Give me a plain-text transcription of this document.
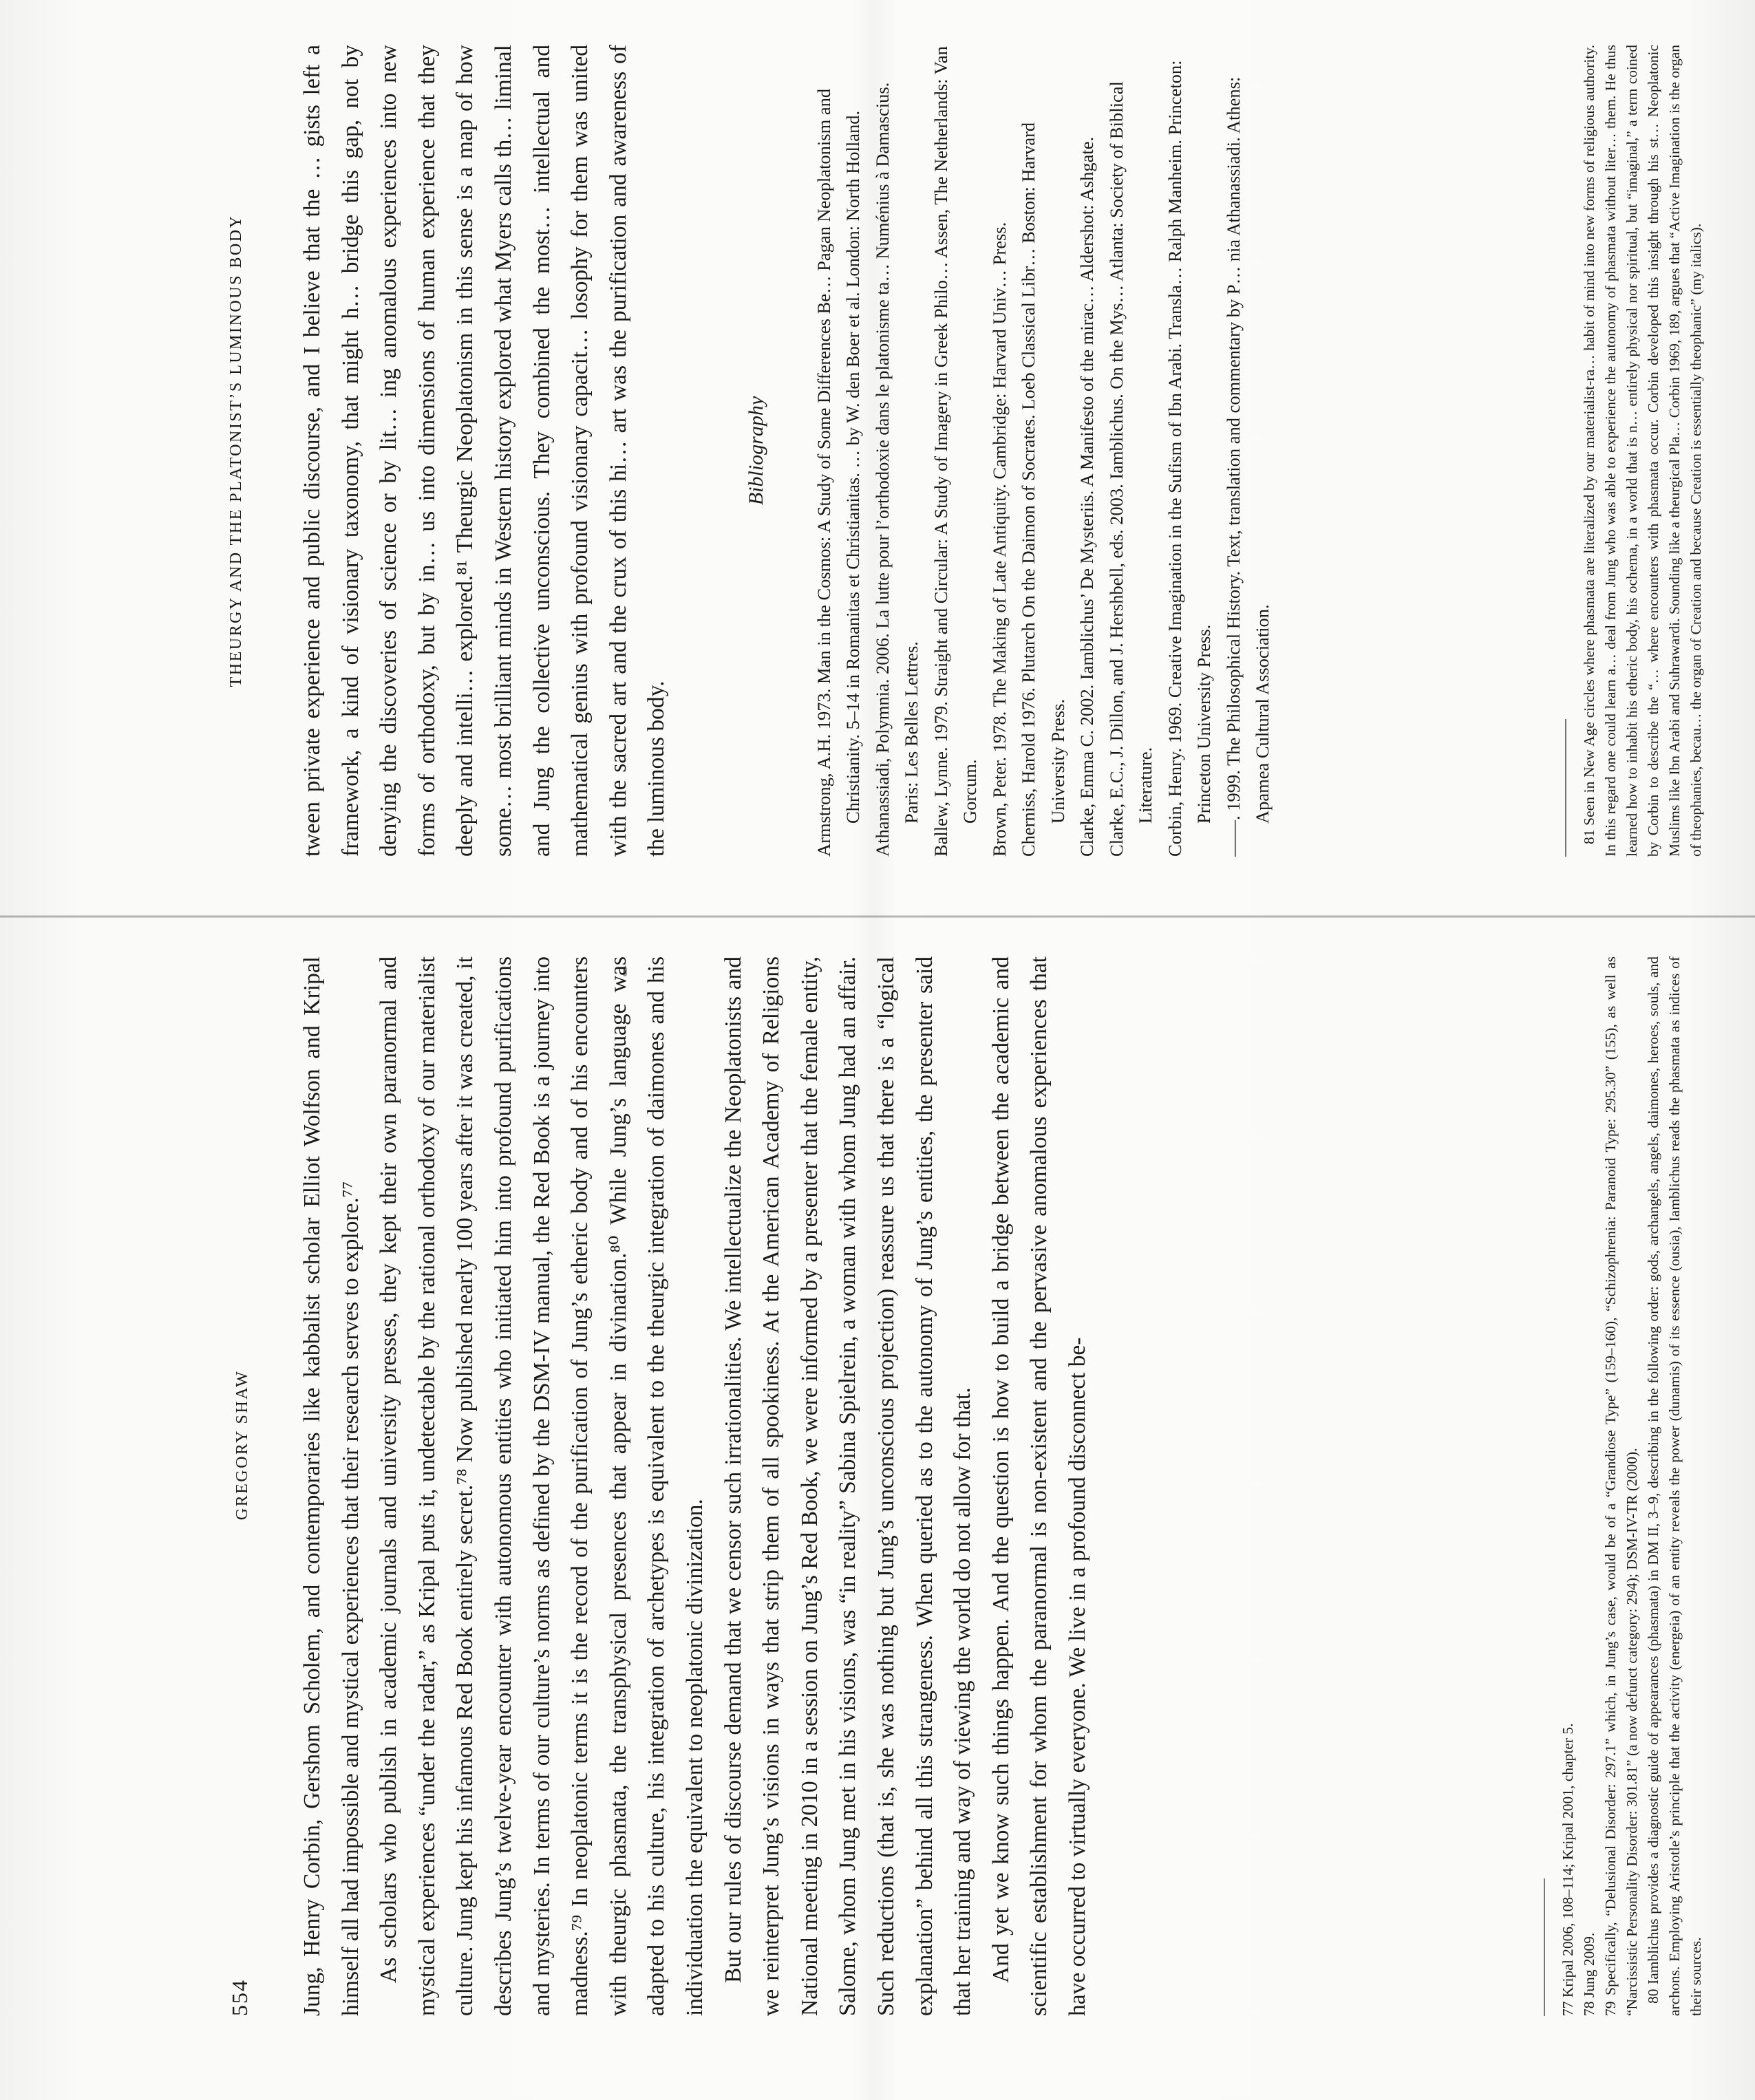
554
GREGORY SHAW Jung, Henry Corbin, Gershom Scholem, and contemporaries like kabbalist scholar Elliot Wolfson and Kripal himself all had impossible and mystical experiences that their research serves to explore.⁷⁷ As scholars who publish in academic journals and university presses, they kept their own paranormal and mystical experiences “under the radar,” as Kripal puts it, undetectable by the rational orthodoxy of our materialist culture. Jung kept his infamous Red Book entirely secret.⁷⁸ Now published nearly 100 years after it was created, it describes Jung’s twelve-year encounter with autonomous entities who initiated him into profound purifications and mysteries. In terms of our culture’s norms as defined by the DSM-IV manual, the Red Book is a journey into madness.⁷⁹ In neoplatonic terms it is the record of the purification of Jung’s etheric body and of his encounters with theurgic phasmata, the transphysical presences that appear in divination.⁸⁰ While Jung’s language was adapted to his culture, his integration of archetypes is equivalent to the theurgic integration of daimones and his individuation the equivalent to neoplatonic divinization. But our rules of discourse demand that we censor such irrationalities. We intellectualize the Neoplatonists and we reinterpret Jung’s visions in ways that strip them of all spookiness. At the American Academy of Religions National meeting in 2010 in a session on Jung’s Red Book, we were informed by a presenter that the female entity, Salome, whom Jung met in his visions, was “in reality” Sabina Spielrein, a woman with whom Jung had an affair. Such reductions (that is, she was nothing but Jung’s unconscious projection) reassure us that there is a “logical explanation” behind all this strangeness. When queried as to the autonomy of Jung’s entities, the presenter said that her training and way of viewing the world do not allow for that. And yet we know such things happen. And the question is how to build a bridge between the academic and scientific establishment for whom the paranormal is non-existent and the pervasive anomalous experiences that have occurred to virtually everyone. We live in a profound disconnect be-	77 Kripal 2006, 108–114; Kripal 2001, chapter 5. 78 Jung 2009. 79 Specifically, “Delusional Disorder: 297.1” which, in Jung’s case, would be of a “Grandiose Type” (159–160), “Schizophrenia: Paranoid Type: 295.30” (155), as well as “Narcissistic Personality Disorder: 301.81” (a now defunct category: 294); DSM-IV-TR (2000). 80 Iamblichus provides a diagnostic guide of appearances (phasmata) in DM II, 3–9, describing in the following order: gods, archangels, angels, daimones, heroes, souls, and archons. Employing Aristotle’s principle that the activity (energeia) of an entity reveals the power (dunamis) of its essence (ousia), Iamblichus reads the phasmata as indices of their sources.

THEURGY AND THE PLATONIST’S LUMINOUS BODY tween private experience and public discourse, and I believe that the … gists left a framework, a kind of visionary taxonomy, that might h… bridge this gap, not by denying the discoveries of science or by lit… ing anomalous experiences into new forms of orthodoxy, but by in… us into dimensions of human experience that they deeply and intelli… explored.⁸¹ Theurgic Neoplatonism in this sense is a map of how some… most brilliant minds in Western history explored what Myers calls th… liminal and Jung the collective unconscious. They combined the most… intellectual and mathematical genius with profound visionary capacit… losophy for them was united with the sacred art and the crux of this hi… art was the purification and awareness of the luminous body.

Bibliography	Armstrong, A.H. 1973. Man in the Cosmos: A Study of Some Differences Be… Pagan Neoplatonism and Christianity. 5–14 in Romanitas et Christianitas. … by W. den Boer et al. London: North Holland. Athanassiadi, Polymnia. 2006. La lutte pour l’orthodoxie dans le platonisme ta… Numénius à Damascius. Paris: Les Belles Lettres. Ballew, Lynne. 1979. Straight and Circular: A Study of Imagery in Greek Philo… Assen, The Netherlands: Van Gorcum. Brown, Peter. 1978. The Making of Late Antiquity. Cambridge: Harvard Univ… Press. Cherniss, Harold 1976. Plutarch On the Daimon of Socrates. Loeb Classical Libr… Boston: Harvard University Press. Clarke, Emma C. 2002. Iamblichus’ De Mysteriis. A Manifesto of the mirac… Aldershot: Ashgate. Clarke, E.C., J. Dillon, and J. Hershbell, eds. 2003. Iamblichus. On the Mys… Atlanta: Society of Biblical Literature. Corbin, Henry. 1969. Creative Imagination in the Sufism of Ibn Arabi. Transla… Ralph Manheim. Princeton: Princeton University Press. ——. 1999. The Philosophical History. Text, translation and commentary by P… nia Athanassiadi. Athens: Apamea Cultural Association.	81 Seen in New Age circles where phasmata are literalized by our materialist-ra… habit of mind into new forms of religious authority. In this regard one could learn a… deal from Jung who was able to experience the autonomy of phasmata without liter… them. He thus learned how to inhabit his etheric body, his ochema, in a world that is n… entirely physical nor spiritual, but “imaginal,” a term coined by Corbin to describe the “… where encounters with phasmata occur. Corbin developed this insight through his st… Neoplatonic Muslims like Ibn Arabi and Suhrawardi. Sounding like a theurgical Pla… Corbin 1969, 189, argues that “Active Imagination is the organ of theophanies, becau… the organ of Creation and because Creation is essentially theophanic” (my italics).
